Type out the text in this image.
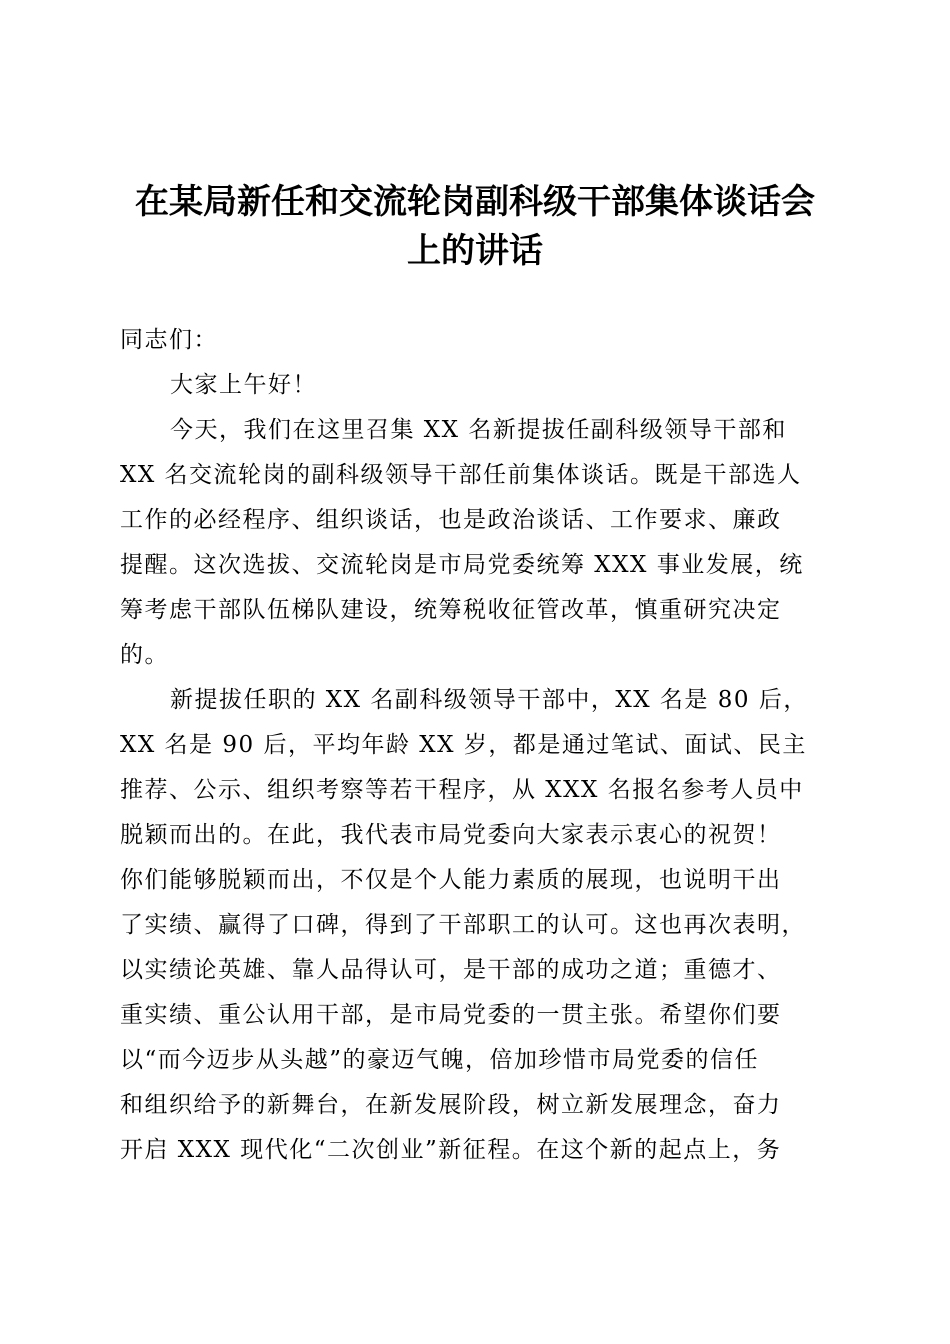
在某局新任和交流轮岗副科级干部集体谈话会
上的讲话
同志们：
大家上午好！
今天，我们在这里召集 XX 名新提拔任副科级领导干部和
XX 名交流轮岗的副科级领导干部任前集体谈话。既是干部选人
工作的必经程序、组织谈话，也是政治谈话、工作要求、廉政
提醒。这次选拔、交流轮岗是市局党委统筹 XXX 事业发展，统
筹考虑干部队伍梯队建设，统筹税收征管改革，慎重研究决定
的。
新提拔任职的 XX 名副科级领导干部中，XX 名是 80 后，
XX 名是 90 后，平均年龄 XX 岁，都是通过笔试、面试、民主
推荐、公示、组织考察等若干程序，从 XXX 名报名参考人员中
脱颖而出的。在此，我代表市局党委向大家表示衷心的祝贺！
你们能够脱颖而出，不仅是个人能力素质的展现，也说明干出
了实绩、赢得了口碑，得到了干部职工的认可。这也再次表明，
以实绩论英雄、靠人品得认可，是干部的成功之道；重德才、
重实绩、重公认用干部，是市局党委的一贯主张。希望你们要
以“而今迈步从头越”的豪迈气魄，倍加珍惜市局党委的信任
和组织给予的新舞台，在新发展阶段，树立新发展理念，奋力
开启 XXX 现代化“二次创业”新征程。在这个新的起点上，务
